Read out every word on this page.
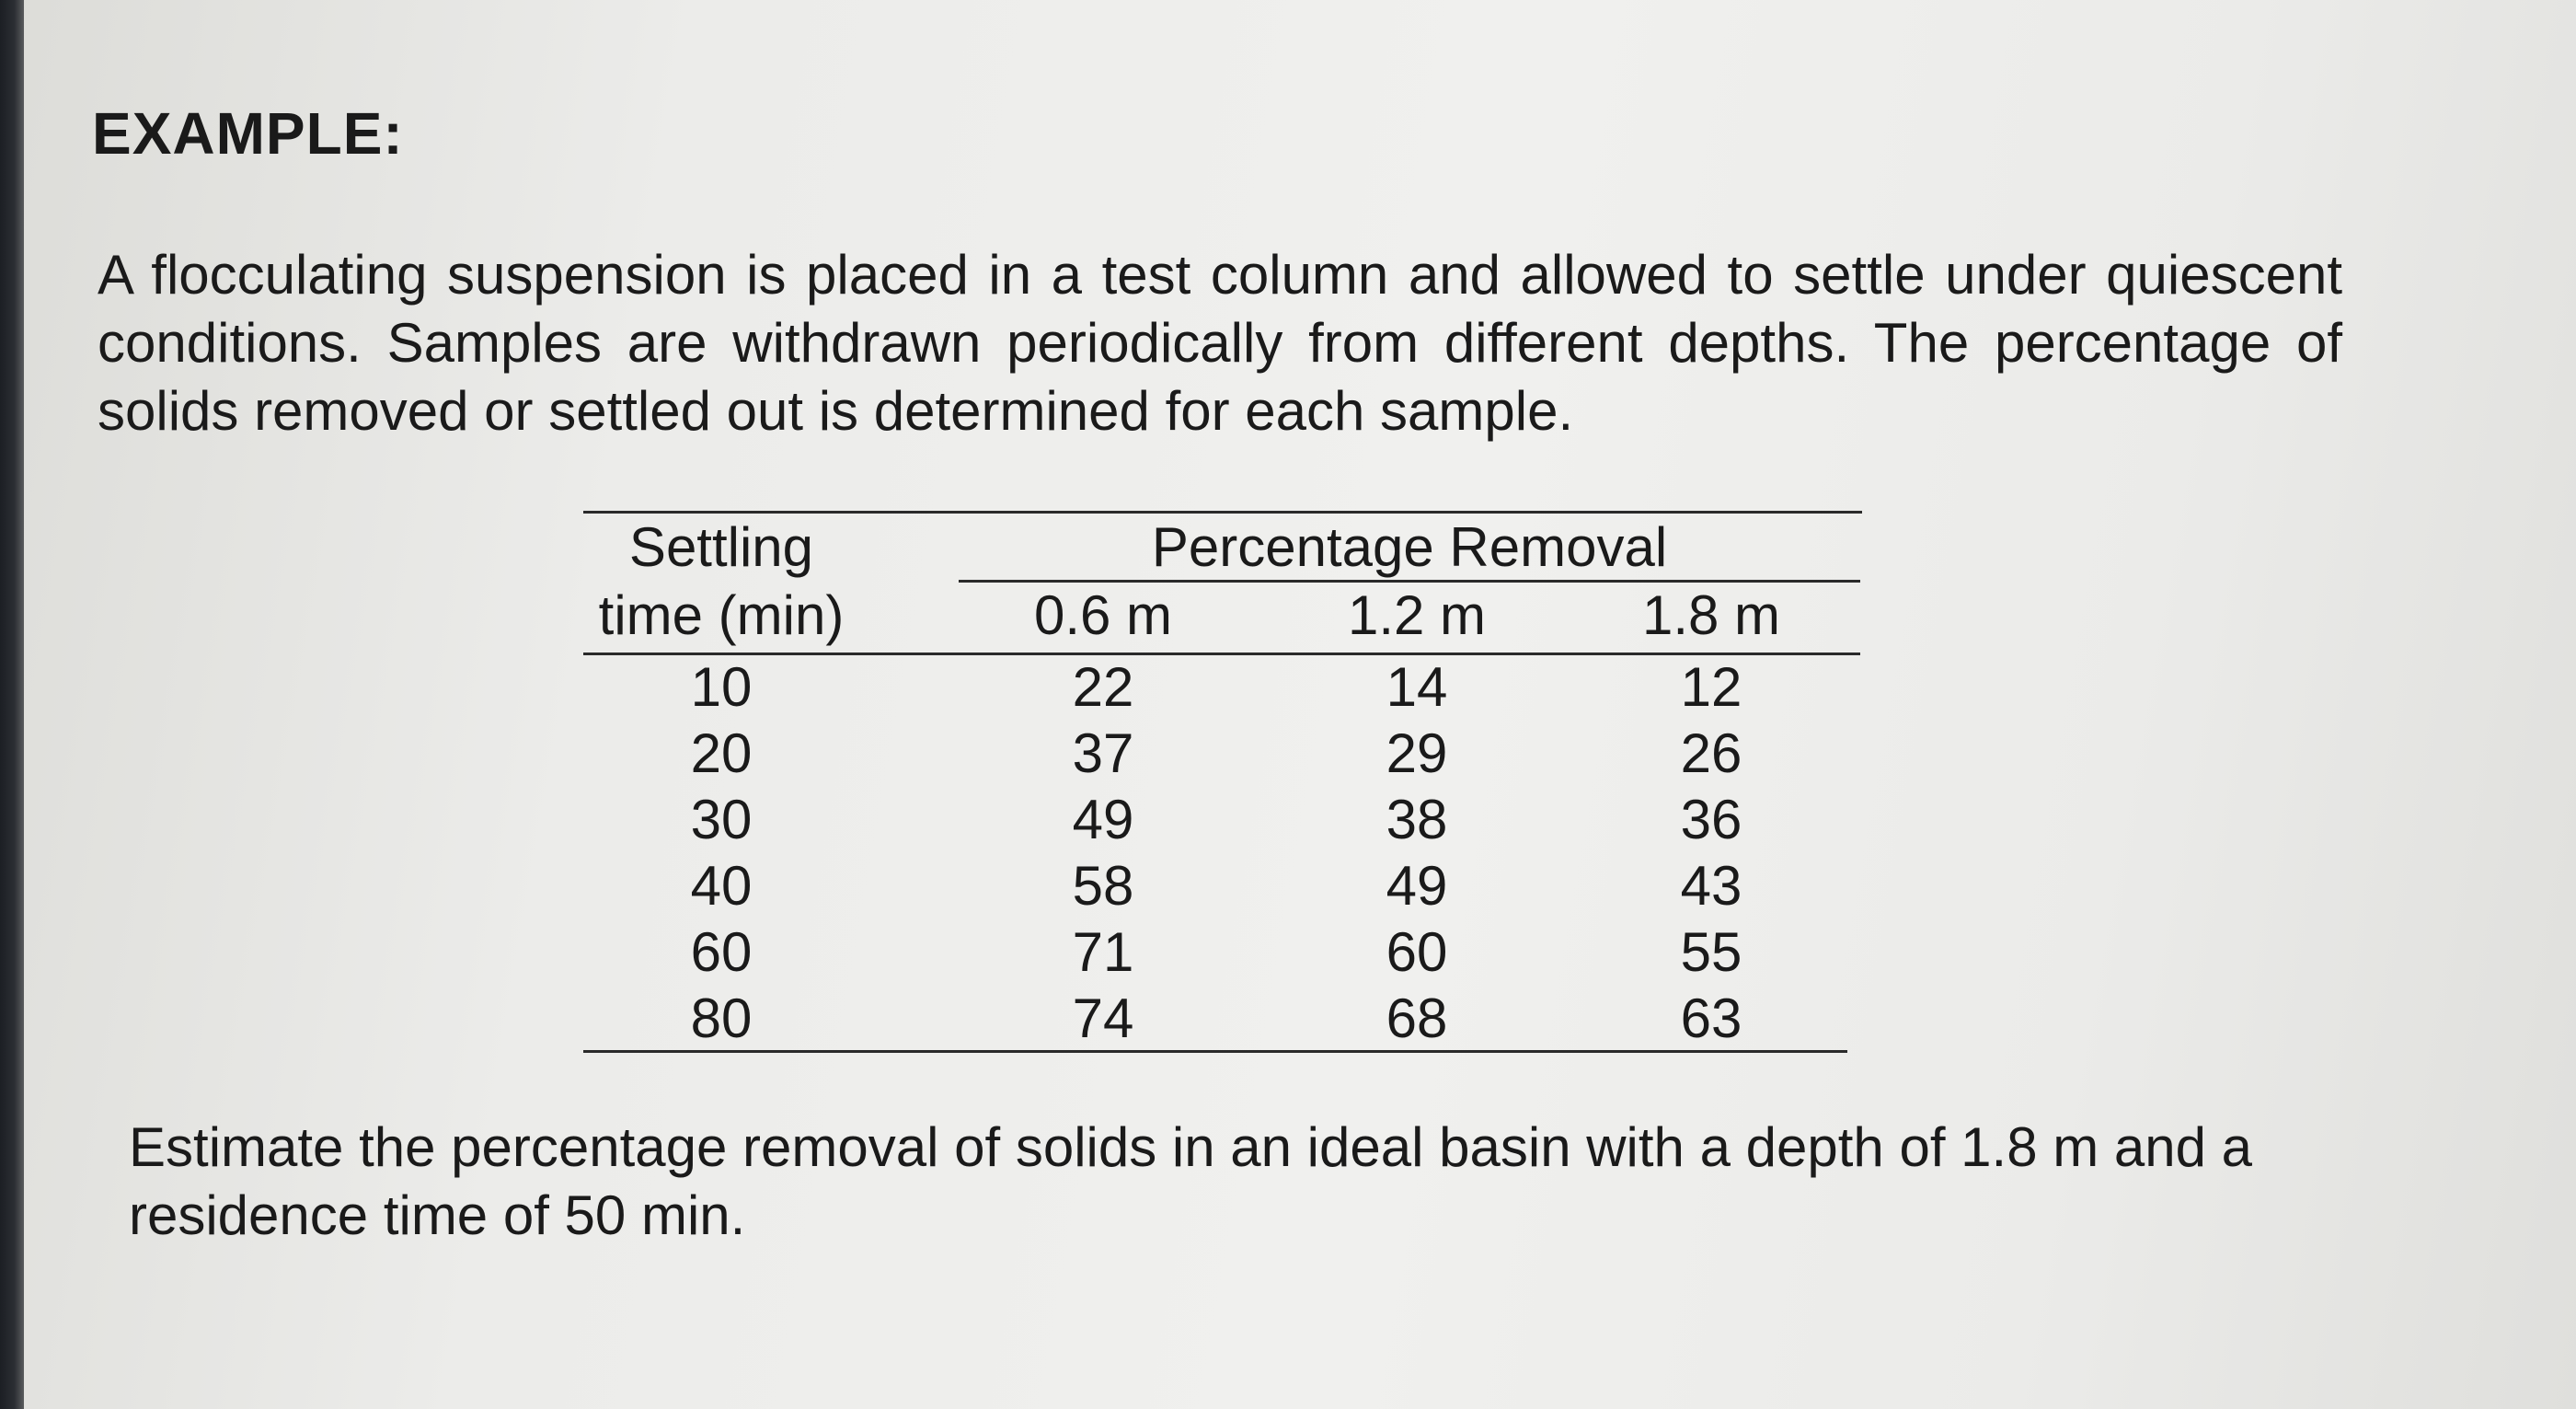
EXAMPLE:

A flocculating suspension is placed in a test column and allowed to settle under quiescent conditions. Samples are withdrawn periodically from different depths. The percentage of solids removed or settled out is determined for each sample.

Settling
time (min)
Percentage Removal
0.6 m	1.2 m	1.8 m
10	22	14	12
20	37	29	26
30	49	38	36
40	58	49	43
60	71	60	55
80	74	68	63

Estimate the percentage removal of solids in an ideal basin with a depth of 1.8 m and a residence time of 50 min.
